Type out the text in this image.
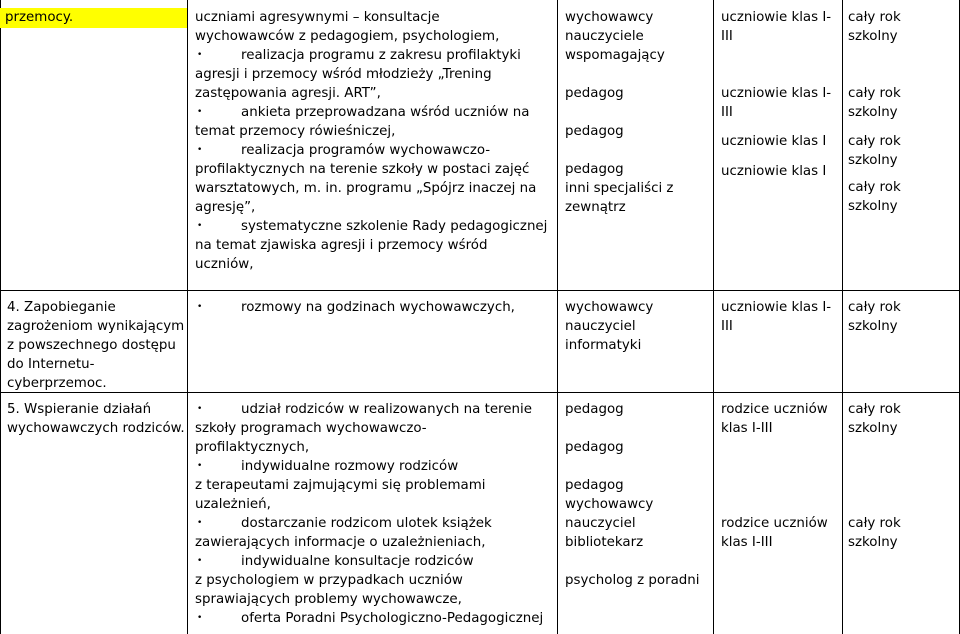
przemocy.	uczniami agresywnymi – konsultacje
wychowawców z pedagogiem, psychologiem,
•
realizacja programu z zakresu profilaktyki
agresji i przemocy wśród młodzieży „Trening
zastępowania agresji. ART”,
•
ankieta przeprowadzana wśród uczniów na
temat przemocy rówieśniczej,
•
realizacja programów wychowawczo-
profilaktycznych na terenie szkoły w postaci zajęć
warsztatowych, m. in. programu „Spójrz inaczej na
agresję”,
•
systematyczne szkolenie Rady pedagogicznej
na temat zjawiska agresji i przemocy wśród
uczniów,
wychowawcy
nauczyciele
wspomagający
pedagog
pedagog
pedagog
inni specjaliści z
zewnątrz
uczniowie klas I-
III
uczniowie klas I-
III
uczniowie klas I
uczniowie klas I
cały rok
szkolny
cały rok
szkolny
cały rok
szkolny
cały rok
szkolny
4. Zapobieganie
zagrożeniom wynikającym
z powszechnego dostępu
do Internetu-
cyberprzemoc.
•
rozmowy na godzinach wychowawczych,	wychowawcy
nauczyciel
informatyki
uczniowie klas I-
III
cały rok
szkolny
5. Wspieranie działań
wychowawczych rodziców.
•
udział rodziców w realizowanych na terenie
szkoły programach wychowawczo-
profilaktycznych,
•
indywidualne rozmowy rodziców
z terapeutami zajmującymi się problemami
uzależnień,
•
dostarczanie rodzicom ulotek książek
zawierających informacje o uzależnieniach,
•
indywidualne konsultacje rodziców
z psychologiem w przypadkach uczniów
sprawiających problemy wychowawcze,
•
oferta Poradni Psychologiczno-Pedagogicznej
pedagog
pedagog
pedagog
wychowawcy
nauczyciel
bibliotekarz
psycholog z poradni
rodzice uczniów
klas I-III
rodzice uczniów
klas I-III
cały rok
szkolny
cały rok
szkolny
